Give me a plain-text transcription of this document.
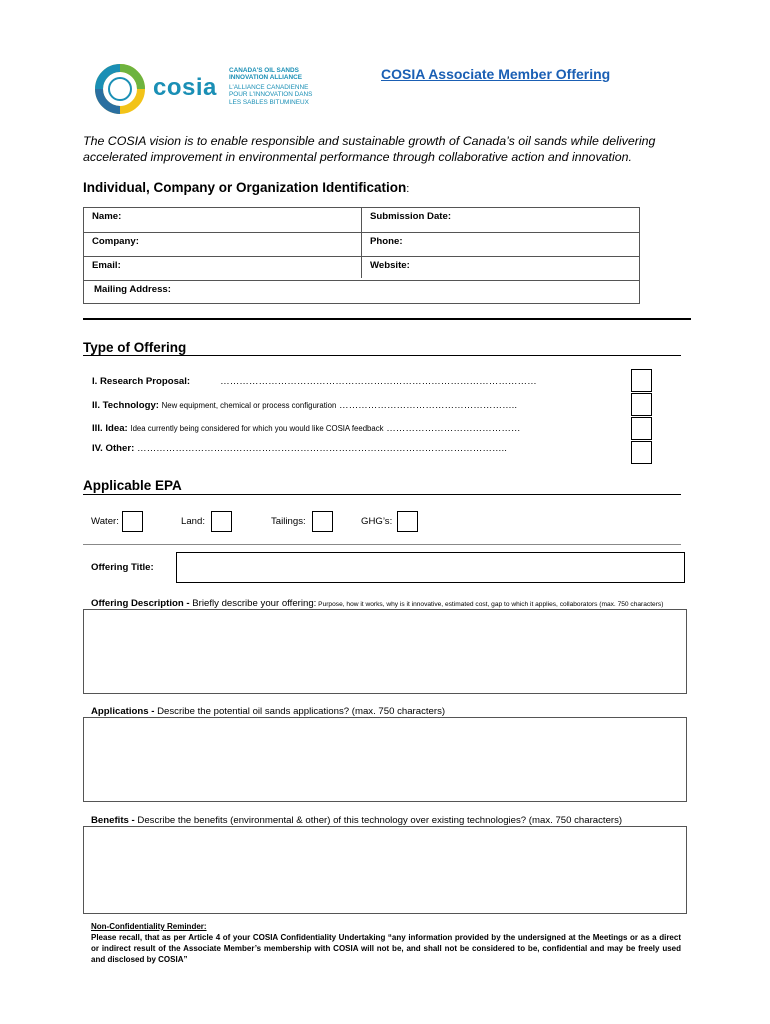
cosia
CANADA'S OIL SANDS
INNOVATION ALLIANCE
L'ALLIANCE CANADIENNE
POUR L'INNOVATION DANS
LES SABLES BITUMINEUX
COSIA Associate Member Offering
The COSIA vision is to enable responsible and sustainable growth of Canada’s oil sands while delivering accelerated improvement in environmental performance through collaborative action and innovation.
Individual, Company or Organization Identification:
Name:	Submission Date:
Company:	Phone:
Email:	Website:
Mailing Address:
Type of Offering
I. Research Proposal:	………………………………………………………………………………………
II. Technology: New equipment, chemical or process configuration ………………………………………………..
III. Idea: Idea currently being considered for which you would like COSIA feedback ……………………………………
IV. Other: ……………………………………………………………………………………………………..
Applicable EPA
Water:	Land:	Tailings:	GHG’s:
Offering Title:
Offering Description - Briefly describe your offering: Purpose, how it works, why is it innovative, estimated cost, gap to which it applies, collaborators (max. 750 characters)
Applications - Describe the potential oil sands applications? (max. 750 characters)
Benefits - Describe the benefits (environmental & other) of this technology over existing technologies? (max. 750 characters)
Non-Confidentiality Reminder:
Please recall, that as per Article 4 of your COSIA Confidentiality Undertaking “any information provided by the undersigned at the Meetings or as a direct or indirect result of the Associate Member’s membership with COSIA will not be, and shall not be considered to be, confidential and may be freely used and disclosed by COSIA”
